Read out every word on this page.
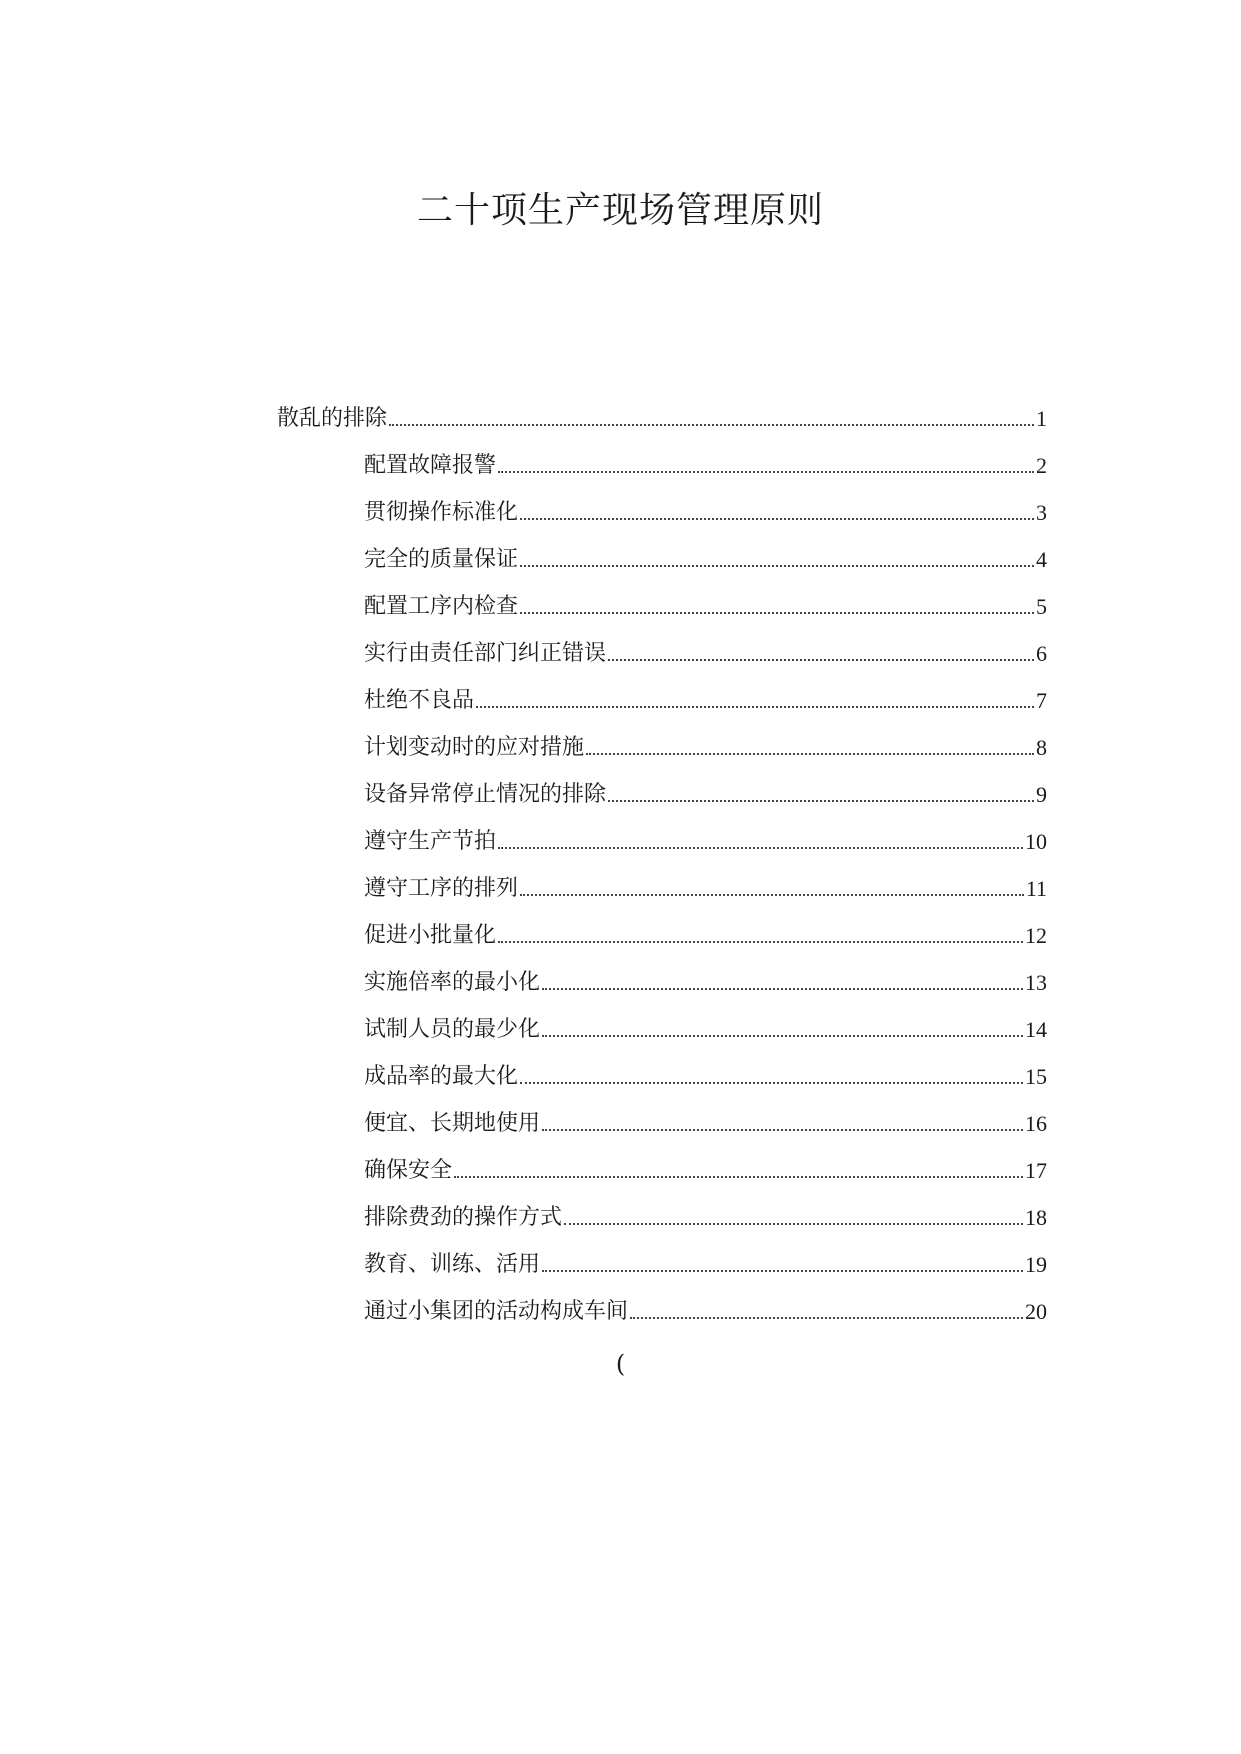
二十项生产现场管理原则
散乱的排除	1
配置故障报警	2
贯彻操作标准化	3
完全的质量保证	4
配置工序内检查	5
实行由责任部门纠正错误	6
杜绝不良品	7
计划变动时的应对措施	8
设备异常停止情况的排除	9
遵守生产节拍	10
遵守工序的排列	11
促进小批量化	12
实施倍率的最小化	13
试制人员的最少化	14
成品率的最大化	15
便宜、长期地使用	16
确保安全	17
排除费劲的操作方式	18
教育、训练、活用	19
通过小集团的活动构成车间	20
(
